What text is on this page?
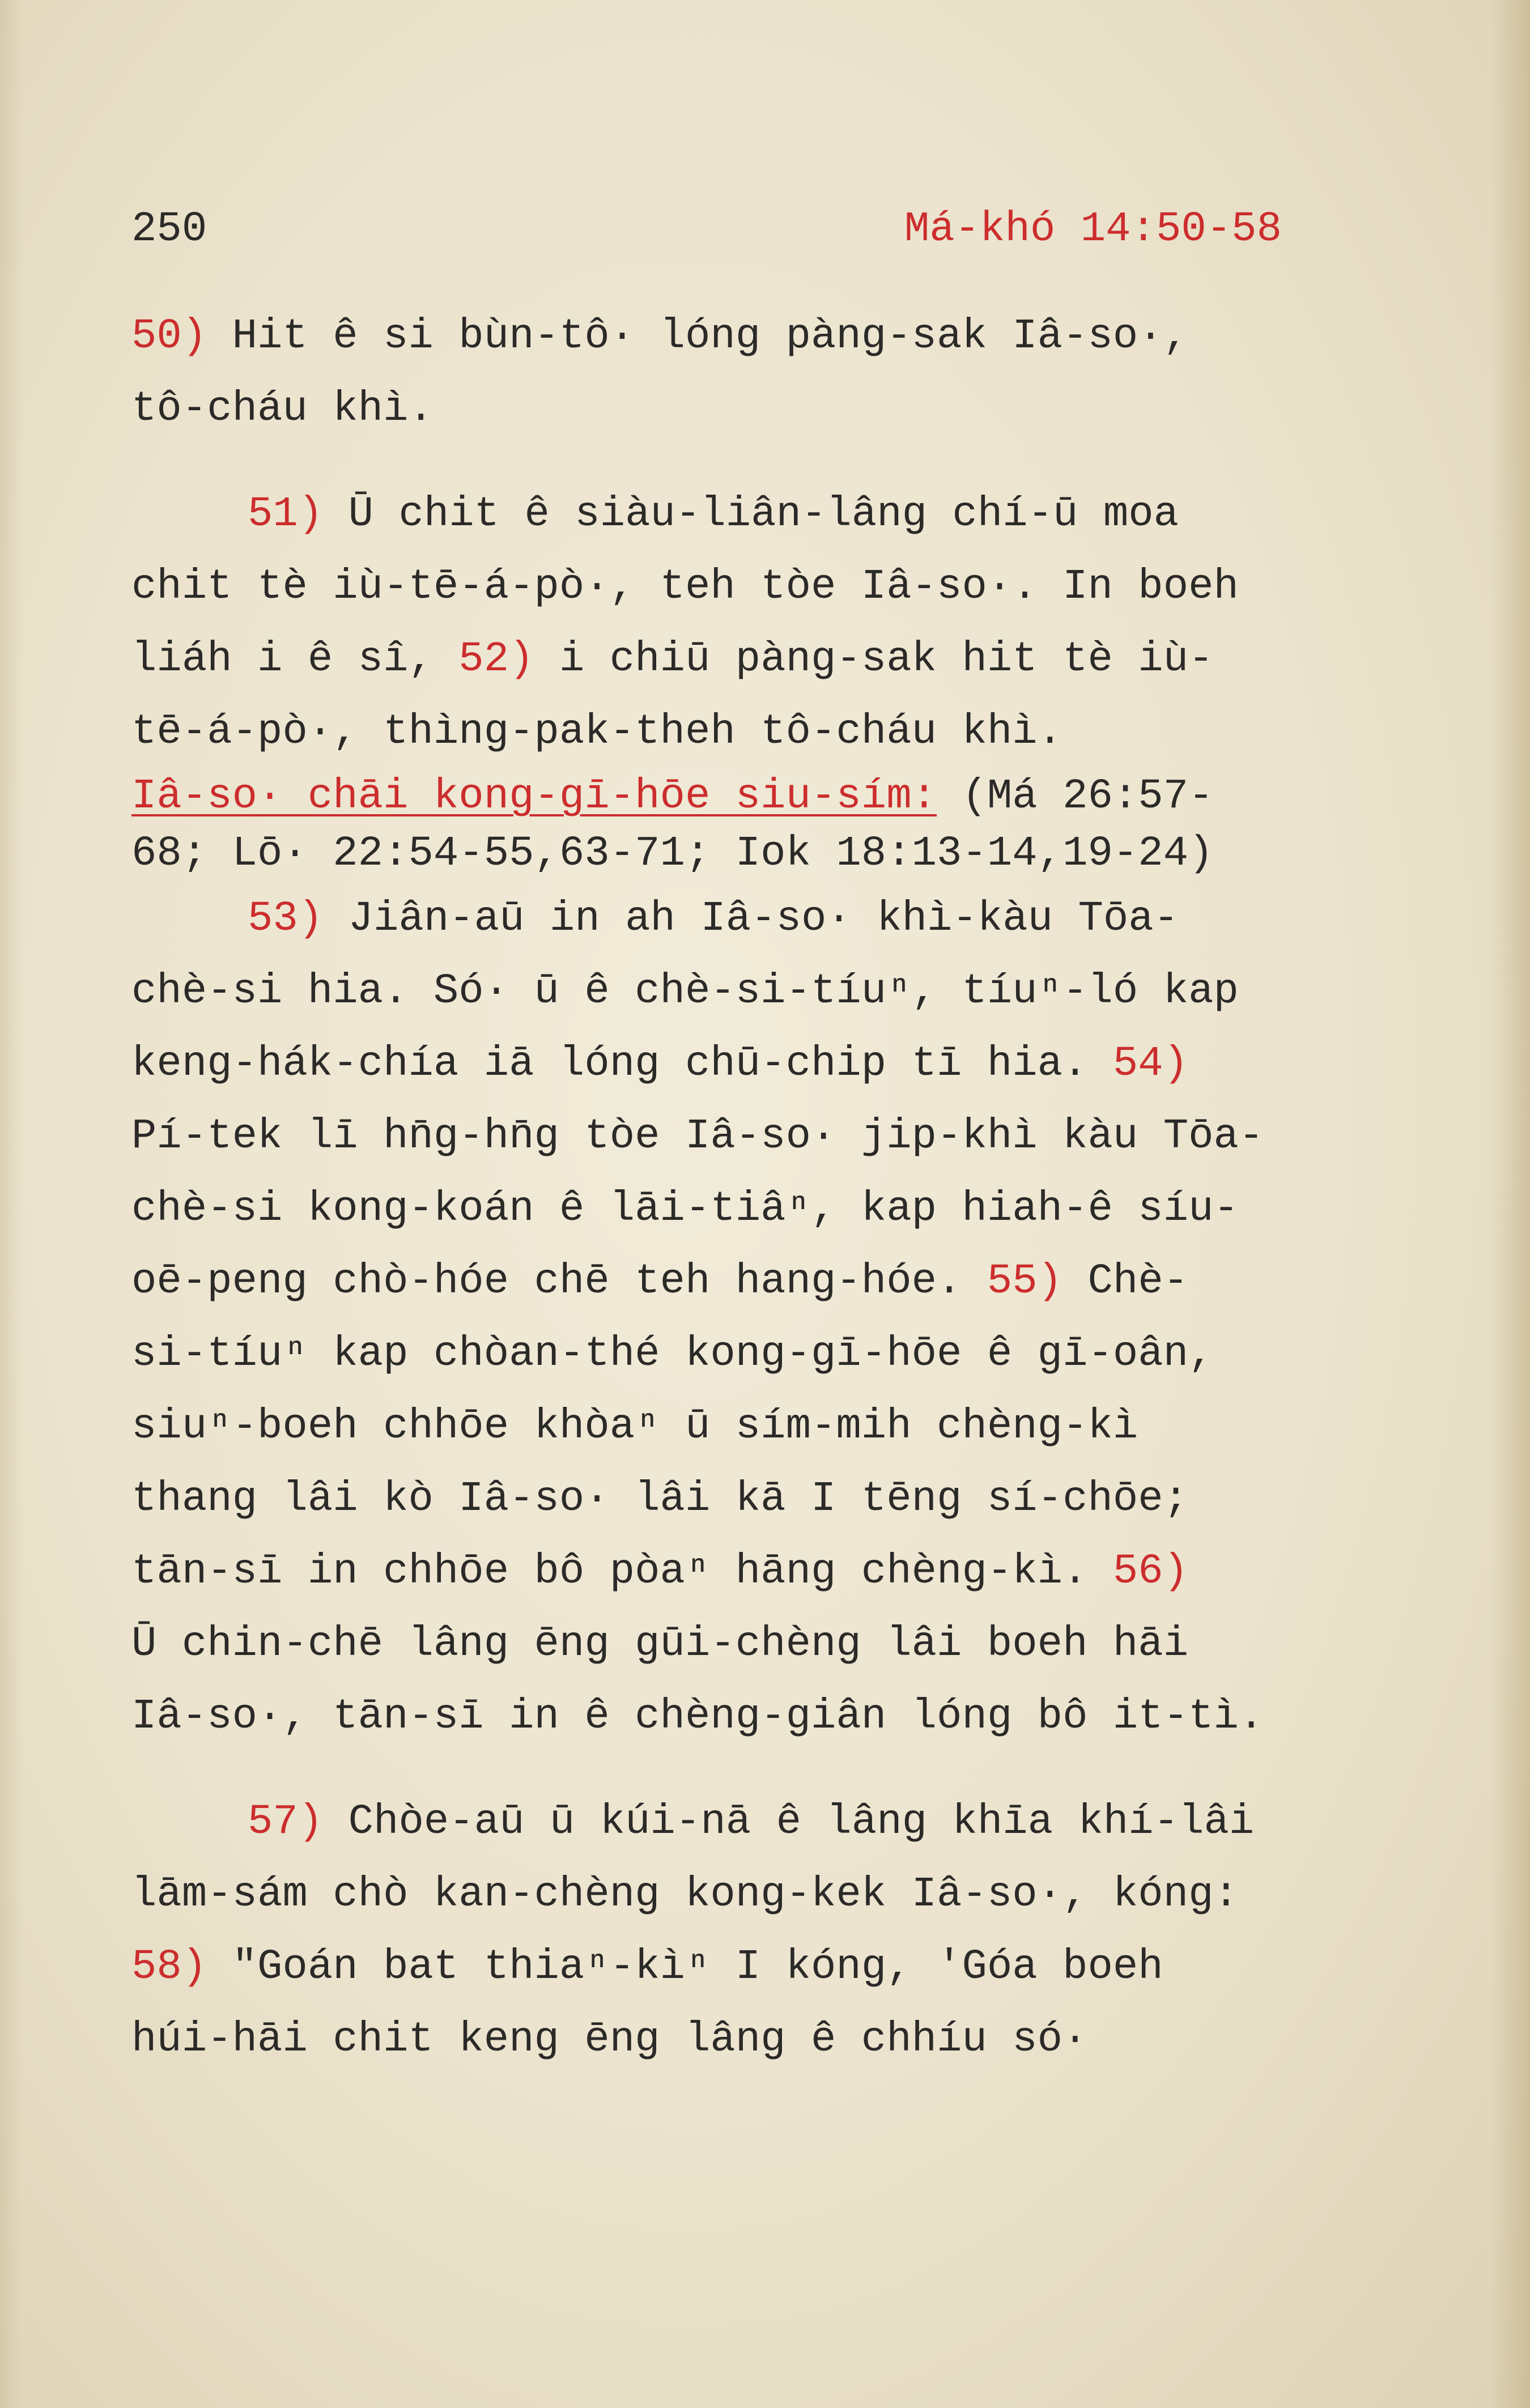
250	Má-khó 14:50-58
50) Hit ê si bùn-tô· lóng pàng-sak Iâ-so·,
tô-cháu khì.
51) Ū chit ê siàu-liân-lâng chí-ū moa
chit tè iù-tē-á-pò·, teh tòe Iâ-so·. In boeh
liáh i ê sî, 52) i chiū pàng-sak hit tè iù-
tē-á-pò·, thìng-pak-theh tô-cháu khì.
Iâ-so· chāi kong-gī-hōe siu-sím: (Má 26:57-
68; Lō· 22:54-55,63-71; Iok 18:13-14,19-24)
53) Jiân-aū in ah Iâ-so· khì-kàu Tōa-
chè-si hia. Só· ū ê chè-si-tíuⁿ, tíuⁿ-ló kap
keng-hák-chía iā lóng chū-chip tī hia. 54)
Pí-tek lī hn̄g-hn̄g tòe Iâ-so· jip-khì kàu Tōa-
chè-si kong-koán ê lāi-tiâⁿ, kap hiah-ê síu-
oē-peng chò-hóe chē teh hang-hóe. 55) Chè-
si-tíuⁿ kap chòan-thé kong-gī-hōe ê gī-oân,
siuⁿ-boeh chhōe khòaⁿ ū sím-mih chèng-kì
thang lâi kò Iâ-so· lâi kā I tēng sí-chōe;
tān-sī in chhōe bô pòaⁿ hāng chèng-kì. 56)
Ū chin-chē lâng ēng gūi-chèng lâi boeh hāi
Iâ-so·, tān-sī in ê chèng-giân lóng bô it-tì.
57) Chòe-aū ū kúi-nā ê lâng khīa khí-lâi
lām-sám chò kan-chèng kong-kek Iâ-so·, kóng:
58) "Goán bat thiaⁿ-kìⁿ I kóng, 'Góa boeh
húi-hāi chit keng ēng lâng ê chhíu só·
